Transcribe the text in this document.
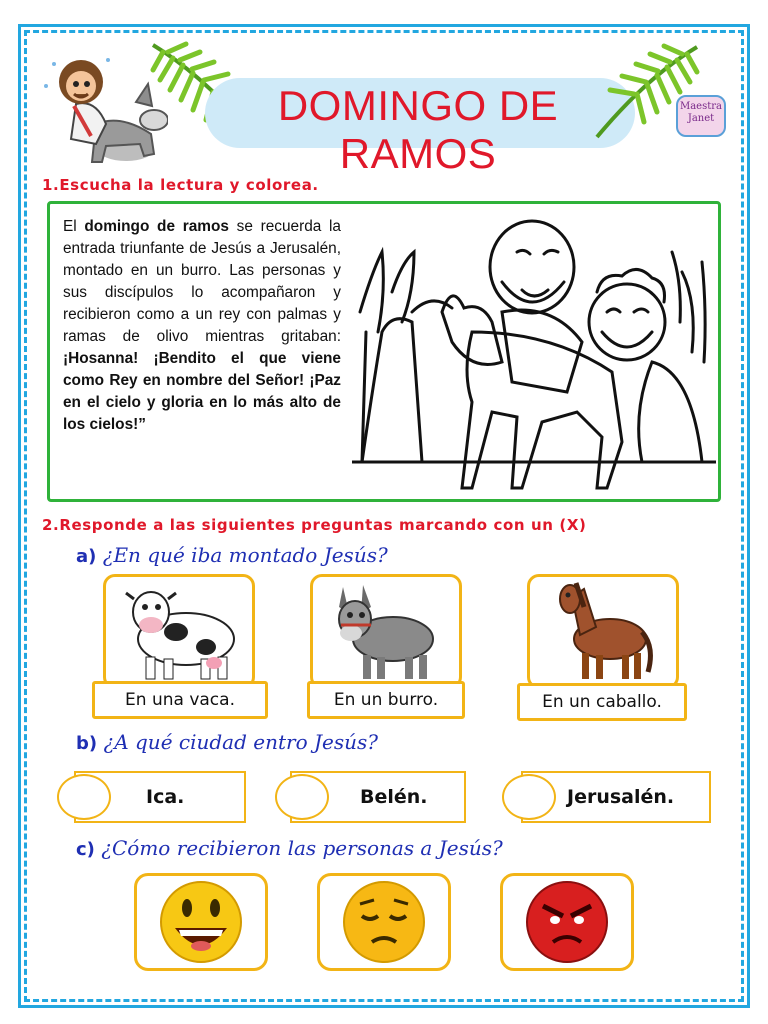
DOMINGO DE RAMOS
Maestra Janet
1.Escucha la lectura y colorea.
El domingo de ramos se recuerda la entrada triunfante de Jesús a Jerusalén, montado en un burro. Las personas y sus discípulos lo acompañaron y recibieron como a un rey con palmas y ramas de olivo mientras gritaban: ¡Hosanna! ¡Bendito el que viene como Rey en nombre del Señor! ¡Paz en el cielo y gloria en lo más alto de los cielos!”
2.Responde a las siguientes preguntas marcando con un (X)
a) ¿En qué iba montado Jesús?
En una vaca.	En un burro.	En un caballo.
b) ¿A qué ciudad entro Jesús?
Ica.	Belén.	Jerusalén.
c) ¿Cómo recibieron las personas a Jesús?
